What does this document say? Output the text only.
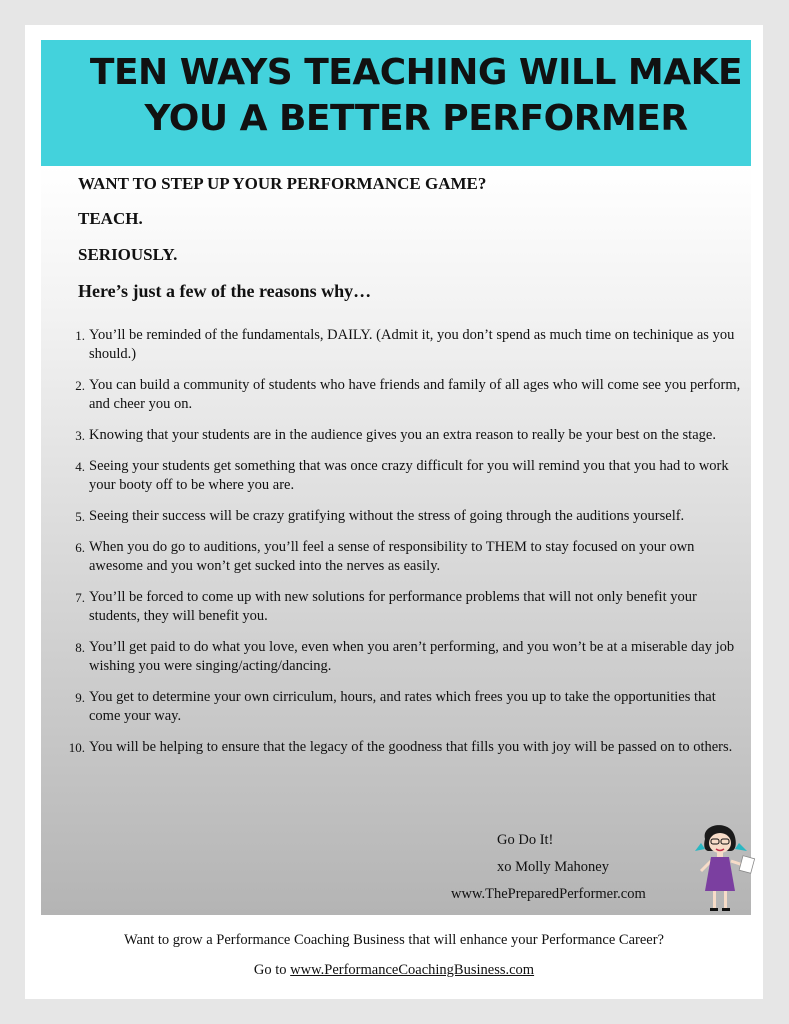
TEN WAYS TEACHING WILL MAKE
YOU A BETTER PERFORMER

WANT TO STEP UP YOUR PERFORMANCE GAME?

TEACH.

SERIOUSLY.

Here’s just a few of the reasons why…

1. You’ll be reminded of the fundamentals, DAILY. (Admit it, you don’t spend as much time on techinique as you should.)
2. You can build a community of students who have friends and family of all ages who will come see you perform, and cheer you on.
3. Knowing that your students are in the audience gives you an extra reason to really be your best on the stage.
4. Seeing your students get something that was once crazy difficult for you will remind you that you had to work your booty off to be where you are.
5. Seeing their success will be crazy gratifying without the stress of going through the auditions yourself.
6. When you do go to auditions, you’ll feel a sense of responsibility to THEM to stay focused on your own awesome and you won’t get sucked into the nerves as easily.
7. You’ll be forced to come up with new solutions for performance problems that will not only benefit your students, they will benefit you.
8. You’ll get paid to do what you love, even when you aren’t performing, and you won’t be at a miserable day job wishing you were singing/acting/dancing.
9. You get to determine your own cirriculum, hours, and rates which frees you up to take the opportunities that come your way.
10. You will be helping to ensure that the legacy of the goodness that fills you with joy will be passed on to others.

Go Do It!

xo Molly Mahoney

www.ThePreparedPerformer.com

Want to grow a Performance Coaching Business that will enhance your Performance Career?

Go to www.PerformanceCoachingBusiness.com
